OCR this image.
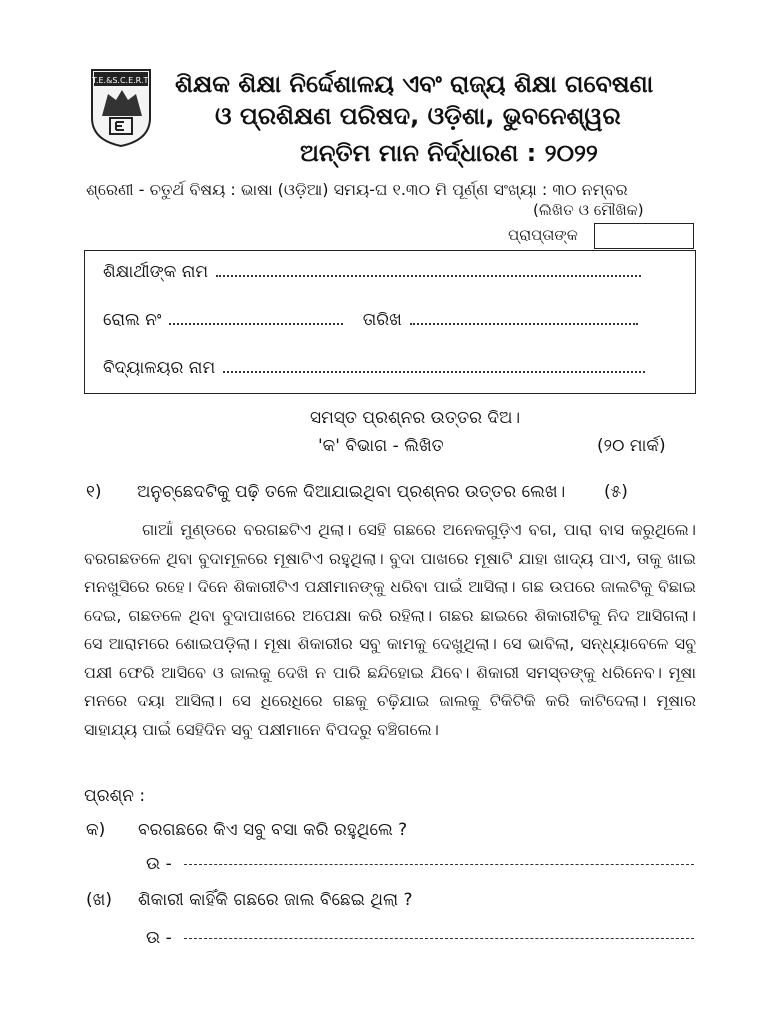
T.E.&S.C.E.R.T. ଶିକ୍ଷକ ଶିକ୍ଷା ନିର୍ଦ୍ଦେଶାଳୟ ଏବଂ ରାଜ୍ୟ ଶିକ୍ଷା ଗବେଷଣା
ଓ ପ୍ରଶିକ୍ଷଣ ପରିଷଦ, ଓଡ଼ିଶା, ଭୁବନେଶ୍ୱର
ଅନ୍ତିମ ମାନ ନିର୍ଦ୍ଧାରଣ : ୨୦୨୨
ଶ୍ରେଣୀ - ଚତୁର୍ଥ ବିଷୟ : ଭାଷା (ଓଡ଼ିଆ) ସମୟ-ଘ ୧.୩୦ ମି ପୂର୍ଣ୍ଣ ସଂଖ୍ୟା : ୩୦ ନମ୍ବର
(ଲିଖିତ ଓ ମୌଖିକ)
ପ୍ରାପ୍ତାଙ୍କ
ଶିକ୍ଷାର୍ଥୀଙ୍କ ନାମ
ରୋଲ ନଂ	ତାରିଖ
ବିଦ୍ୟାଳୟର ନାମ
ସମସ୍ତ ପ୍ରଶ୍ନର ଉତ୍ତର ଦିଅ।
'କ' ବିଭାଗ - ଲିଖିତ	(୨୦ ମାର୍କ)
୧) ଅନୁଚ୍ଛେଦଟିକୁ ପଢ଼ି ତଳେ ଦିଆଯାଇଥିବା ପ୍ରଶ୍ନର ଉତ୍ତର ଲେଖ। (୫)
ଗାଆଁ ମୁଣ୍ଡରେ ବରଗଛଟିଏ ଥିଲା। ସେହି ଗଛରେ ଅନେକଗୁଡ଼ିଏ ବଗ, ପାରା ବାସ କରୁଥିଲେ। ବରଗଛତଳେ ଥିବା ବୁଦାମୂଳରେ ମୂଷାଟିଏ ରହୁଥିଲା। ବୁଦା ପାଖରେ ମୂଷାଟି ଯାହା ଖାଦ୍ୟ ପାଏ, ତାକୁ ଖାଇ ମନଖୁସିରେ ରହେ। ଦିନେ ଶିକାରୀଟିଏ ପକ୍ଷୀମାନଙ୍କୁ ଧରିବା ପାଇଁ ଆସିଲା। ଗଛ ଉପରେ ଜାଲଟିକୁ ବିଛାଇ ଦେଇ, ଗଛତଳେ ଥିବା ବୁଦାପାଖରେ ଅପେକ୍ଷା କରି ରହିଲା। ଗଛର ଛାଇରେ ଶିକାରୀଟିକୁ ନିଦ ଆସିଗଲା। ସେ ଆରାମରେ ଶୋଇପଡ଼ିଲା। ମୂଷା ଶିକାରୀର ସବୁ କାମକୁ ଦେଖୁଥିଲା। ସେ ଭାବିଲା, ସନ୍ଧ୍ୟାବେଳେ ସବୁ ପକ୍ଷୀ ଫେରି ଆସିବେ ଓ ଜାଲକୁ ଦେଖି ନ ପାରି ଛନ୍ଦିହୋଇ ଯିବେ। ଶିକାରୀ ସମସ୍ତଙ୍କୁ ଧରିନେବ। ମୂଷା ମନରେ ଦୟା ଆସିଲା। ସେ ଧିରେଧିରେ ଗଛକୁ ଚଢ଼ିଯାଇ ଜାଲକୁ ଟିକିଟିକି କରି କାଟିଦେଲା। ମୂଷାର ସାହାଯ୍ୟ ପାଇଁ ସେହିଦିନ ସବୁ ପକ୍ଷୀମାନେ ବିପଦରୁ ବଞ୍ଚିଗଲେ।
ପ୍ରଶ୍ନ :
କ) ବରଗଛରେ କିଏ ସବୁ ବସା କରି ରହୁଥିଲେ ?
ଉ -
(ଖ) ଶିକାରୀ କାହିଁକି ଗଛରେ ଜାଲ ବିଛେଇ ଥିଲା ?
ଉ -
